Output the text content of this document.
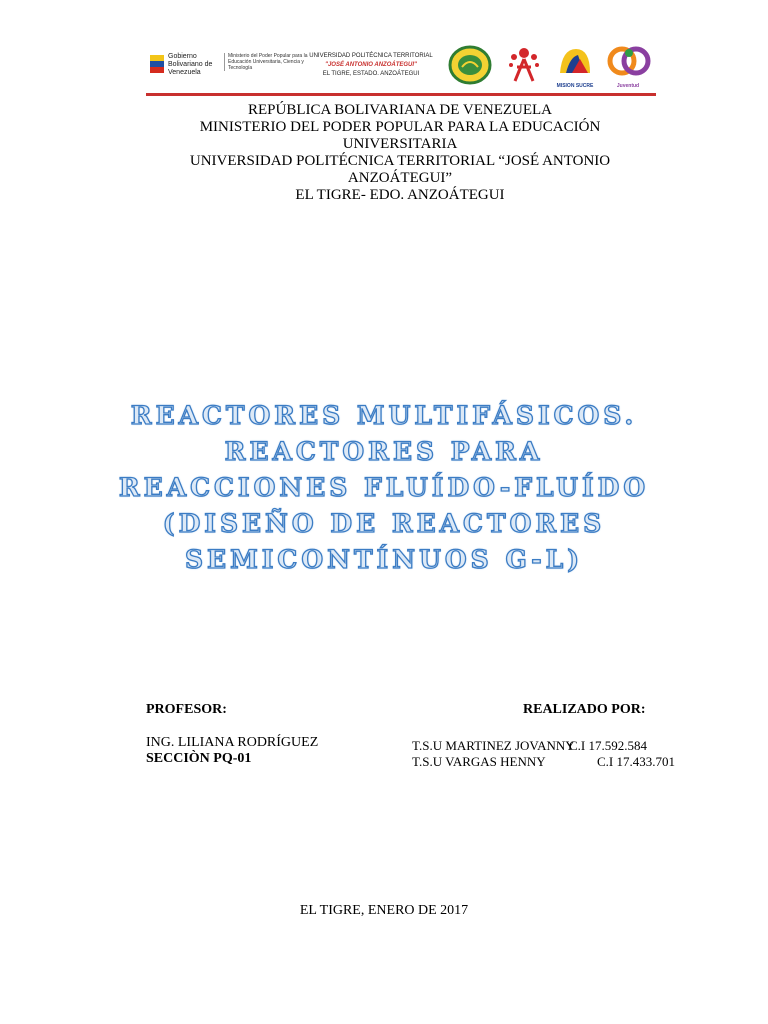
Gobierno Bolivariano de Venezuela
Ministerio del Poder Popular para la Educación Universitaria, Ciencia y Tecnología
UNIVERSIDAD POLITÉCNICA TERRITORIAL
"JOSÉ ANTONIO ANZOÁTEGUI"
EL TIGRE, ESTADO. ANZOÁTEGUI
MISION SUCRE	Juventud
REPÚBLICA BOLIVARIANA DE VENEZUELA
MINISTERIO DEL PODER POPULAR PARA LA EDUCACIÓN UNIVERSITARIA
UNIVERSIDAD POLITÉCNICA TERRITORIAL “JOSÉ ANTONIO ANZOÁTEGUI”
EL TIGRE- EDO. ANZOÁTEGUI
REACTORES MULTIFÁSICOS.
REACTORES PARA
REACCIONES FLUÍDO-FLUÍDO
(DISEÑO DE REACTORES
SEMICONTÍNUOS G-L)
PROFESOR:
ING. LILIANA RODRÍGUEZ
SECCIÒN PQ-01
REALIZADO POR:
T.S.U MARTINEZ JOVANNY
C.I 17.592.584
T.S.U VARGAS HENNY	C.I 17.433.701
EL TIGRE, ENERO DE 2017
